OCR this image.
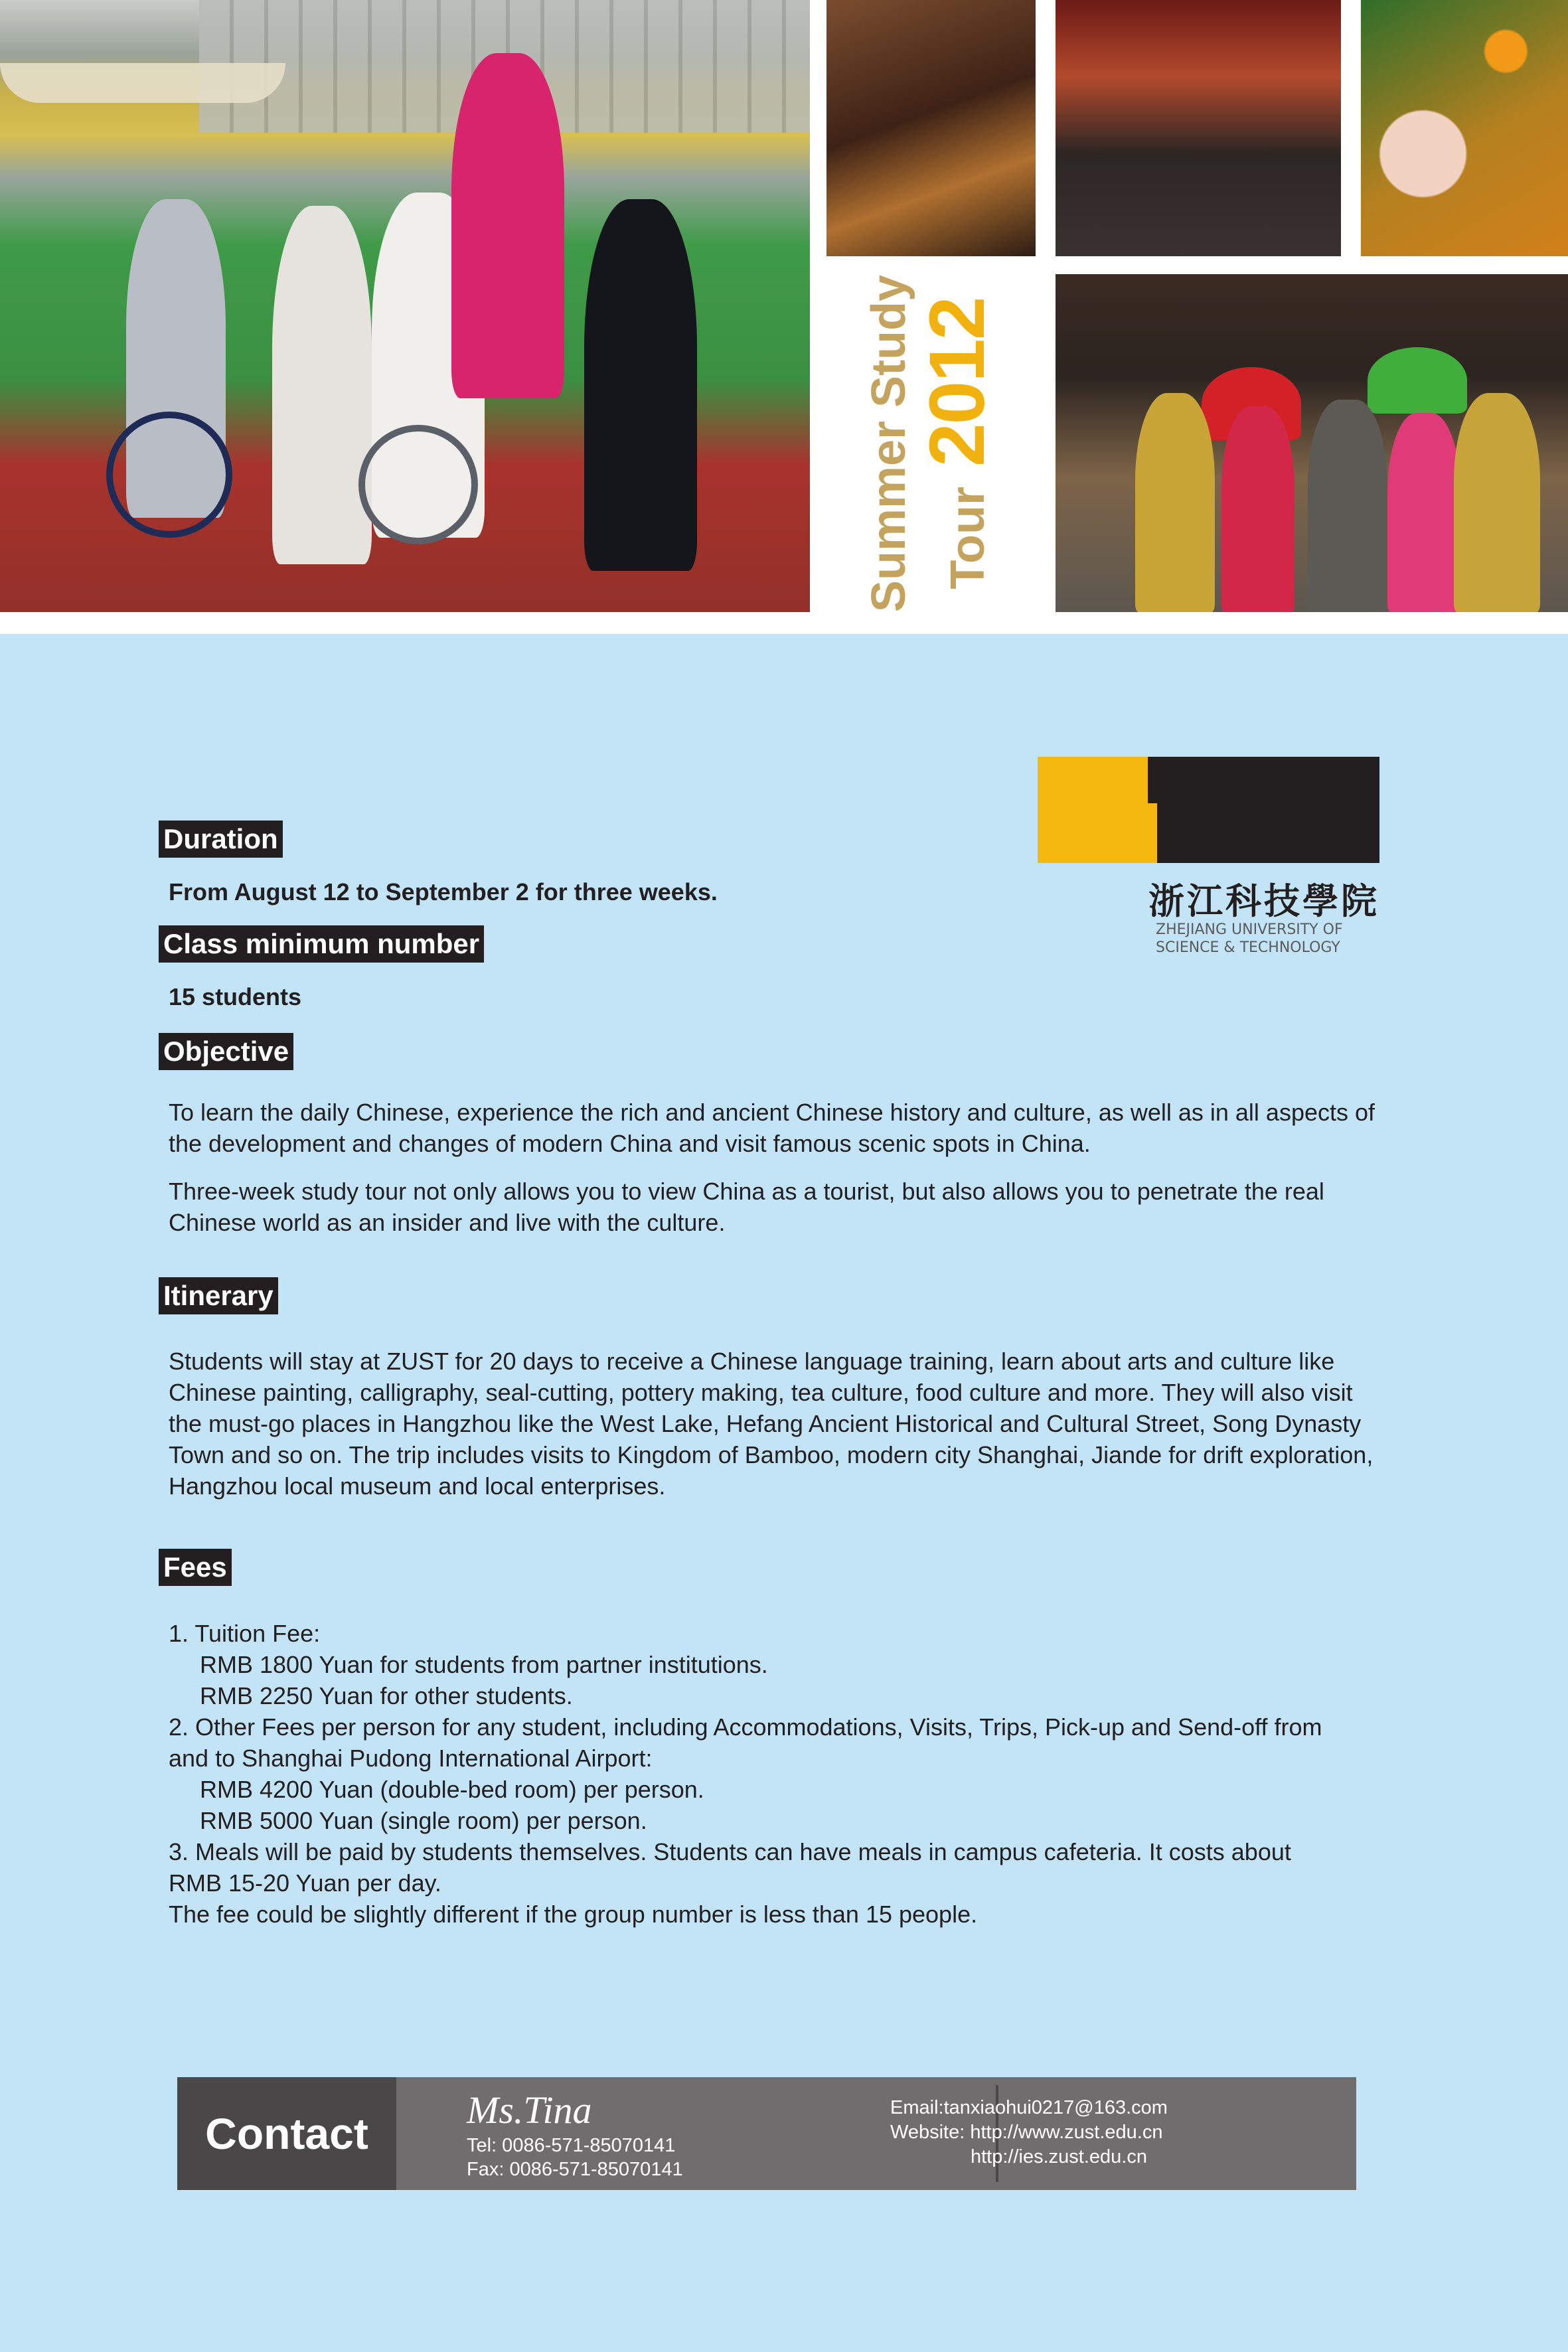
Summer Study Tour
2012
浙江科技學院
ZHEJIANG UNIVERSITY OF
SCIENCE & TECHNOLOGY
Duration
From August 12 to September 2 for three weeks.
Class minimum number
15 students
Objective

To learn the daily Chinese, experience the rich and ancient Chinese history and culture, as well as in all aspects of the development and changes of modern China and visit famous scenic spots in China.

Three-week study tour not only allows you to view China as a tourist, but also allows you to penetrate the real Chinese world as an insider and live with the culture.

Itinerary
Students will stay at ZUST for 20 days to receive a Chinese language training, learn about arts and culture like Chinese painting, calligraphy, seal-cutting, pottery making, tea culture, food culture and more. They will also visit the must-go places in Hangzhou like the West Lake, Hefang Ancient Historical and Cultural Street, Song Dynasty Town and so on. The trip includes visits to Kingdom of Bamboo, modern city Shanghai, Jiande for drift exploration, Hangzhou local museum and local enterprises.
Fees
1. Tuition Fee:
RMB 1800 Yuan for students from partner institutions.
RMB 2250 Yuan for other students.
2. Other Fees per person for any student, including Accommodations, Visits, Trips, Pick-up and Send-off from
and to Shanghai Pudong International Airport:
RMB 4200 Yuan (double-bed room) per person.
RMB 5000 Yuan (single room) per person.
3. Meals will be paid by students themselves. Students can have meals in campus cafeteria. It costs about
RMB 15-20 Yuan per day.
The fee could be slightly different if the group number is less than 15 people.
Contact	Ms.Tina
Tel: 0086-571-85070141
Fax: 0086-571-85070141
Email:tanxiaohui0217@163.com
Website: http://www.zust.edu.cn
http://ies.zust.edu.cn
